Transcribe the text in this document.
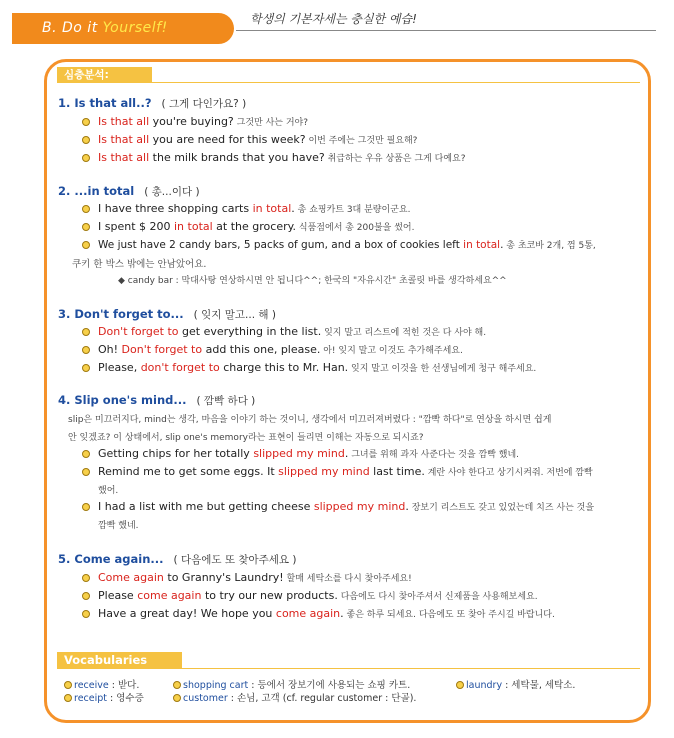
B. Do it Yourself!
학생의 기본자세는 충실한 예습!
심층분석:
1. Is that all..? ( 그게 다인가요? )
Is that all you're buying? 그것만 사는 거야?
Is that all you are need for this week? 이번 주에는 그것만 필요해?
Is that all the milk brands that you have? 취급하는 우유 상품은 그게 다예요?
2. ...in total ( 총...이다 )
I have three shopping carts in total. 총 쇼핑카트 3대 분량이군요.
I spent $ 200 in total at the grocery. 식품점에서 총 200불을 썼어.
We just have 2 candy bars, 5 packs of gum, and a box of cookies left in total. 총 초코바 2개, 껌 5통,
쿠키 한 박스 밖에는 안남았어요.
◆ candy bar : 막대사탕 연상하시면 안 됩니다^^; 한국의 "자유시간" 초콜릿 바를 생각하세요^^
3. Don't forget to... ( 잊지 말고... 해 )
Don't forget to get everything in the list. 잊지 말고 리스트에 적힌 것은 다 사야 해.
Oh! Don't forget to add this one, please. 아! 잊지 말고 이것도 추가해주세요.
Please, don't forget to charge this to Mr. Han. 잊지 말고 이것을 한 선생님에게 청구 해주세요.
4. Slip one's mind... ( 깜빡 하다 )
slip은 미끄러지다, mind는 생각, 마음을 이야기 하는 것이니, 생각에서 미끄러져버렸다 : "깜빡 하다"로 연상을 하시면 쉽게
안 잊겠죠? 이 상태에서, slip one's memory라는 표현이 들리면 이해는 자동으로 되시죠?
Getting chips for her totally slipped my mind. 그녀를 위해 과자 사준다는 것을 깜빡 했네.
Remind me to get some eggs. It slipped my mind last time. 계란 사야 한다고 상기시켜줘. 저번에 깜빡
했어.
I had a list with me but getting cheese slipped my mind. 장보기 리스트도 갖고 있었는데 치즈 사는 것을
깜빡 했네.
5. Come again... ( 다음에도 또 찾아주세요 )
Come again to Granny's Laundry! 할매 세탁소를 다시 찾아주세요!
Please come again to try our new products. 다음에도 다시 찾아주셔서 신제품을 사용해보세요.
Have a great day! We hope you come again. 좋은 하루 되세요. 다음에도 또 찾아 주시길 바랍니다.
Vocabularies
receive : 받다.
receipt : 영수증
shopping cart : 등에서 장보기에 사용되는 쇼핑 카트.
customer : 손님, 고객 (cf. regular customer : 단골).
laundry : 세탁물, 세탁소.
